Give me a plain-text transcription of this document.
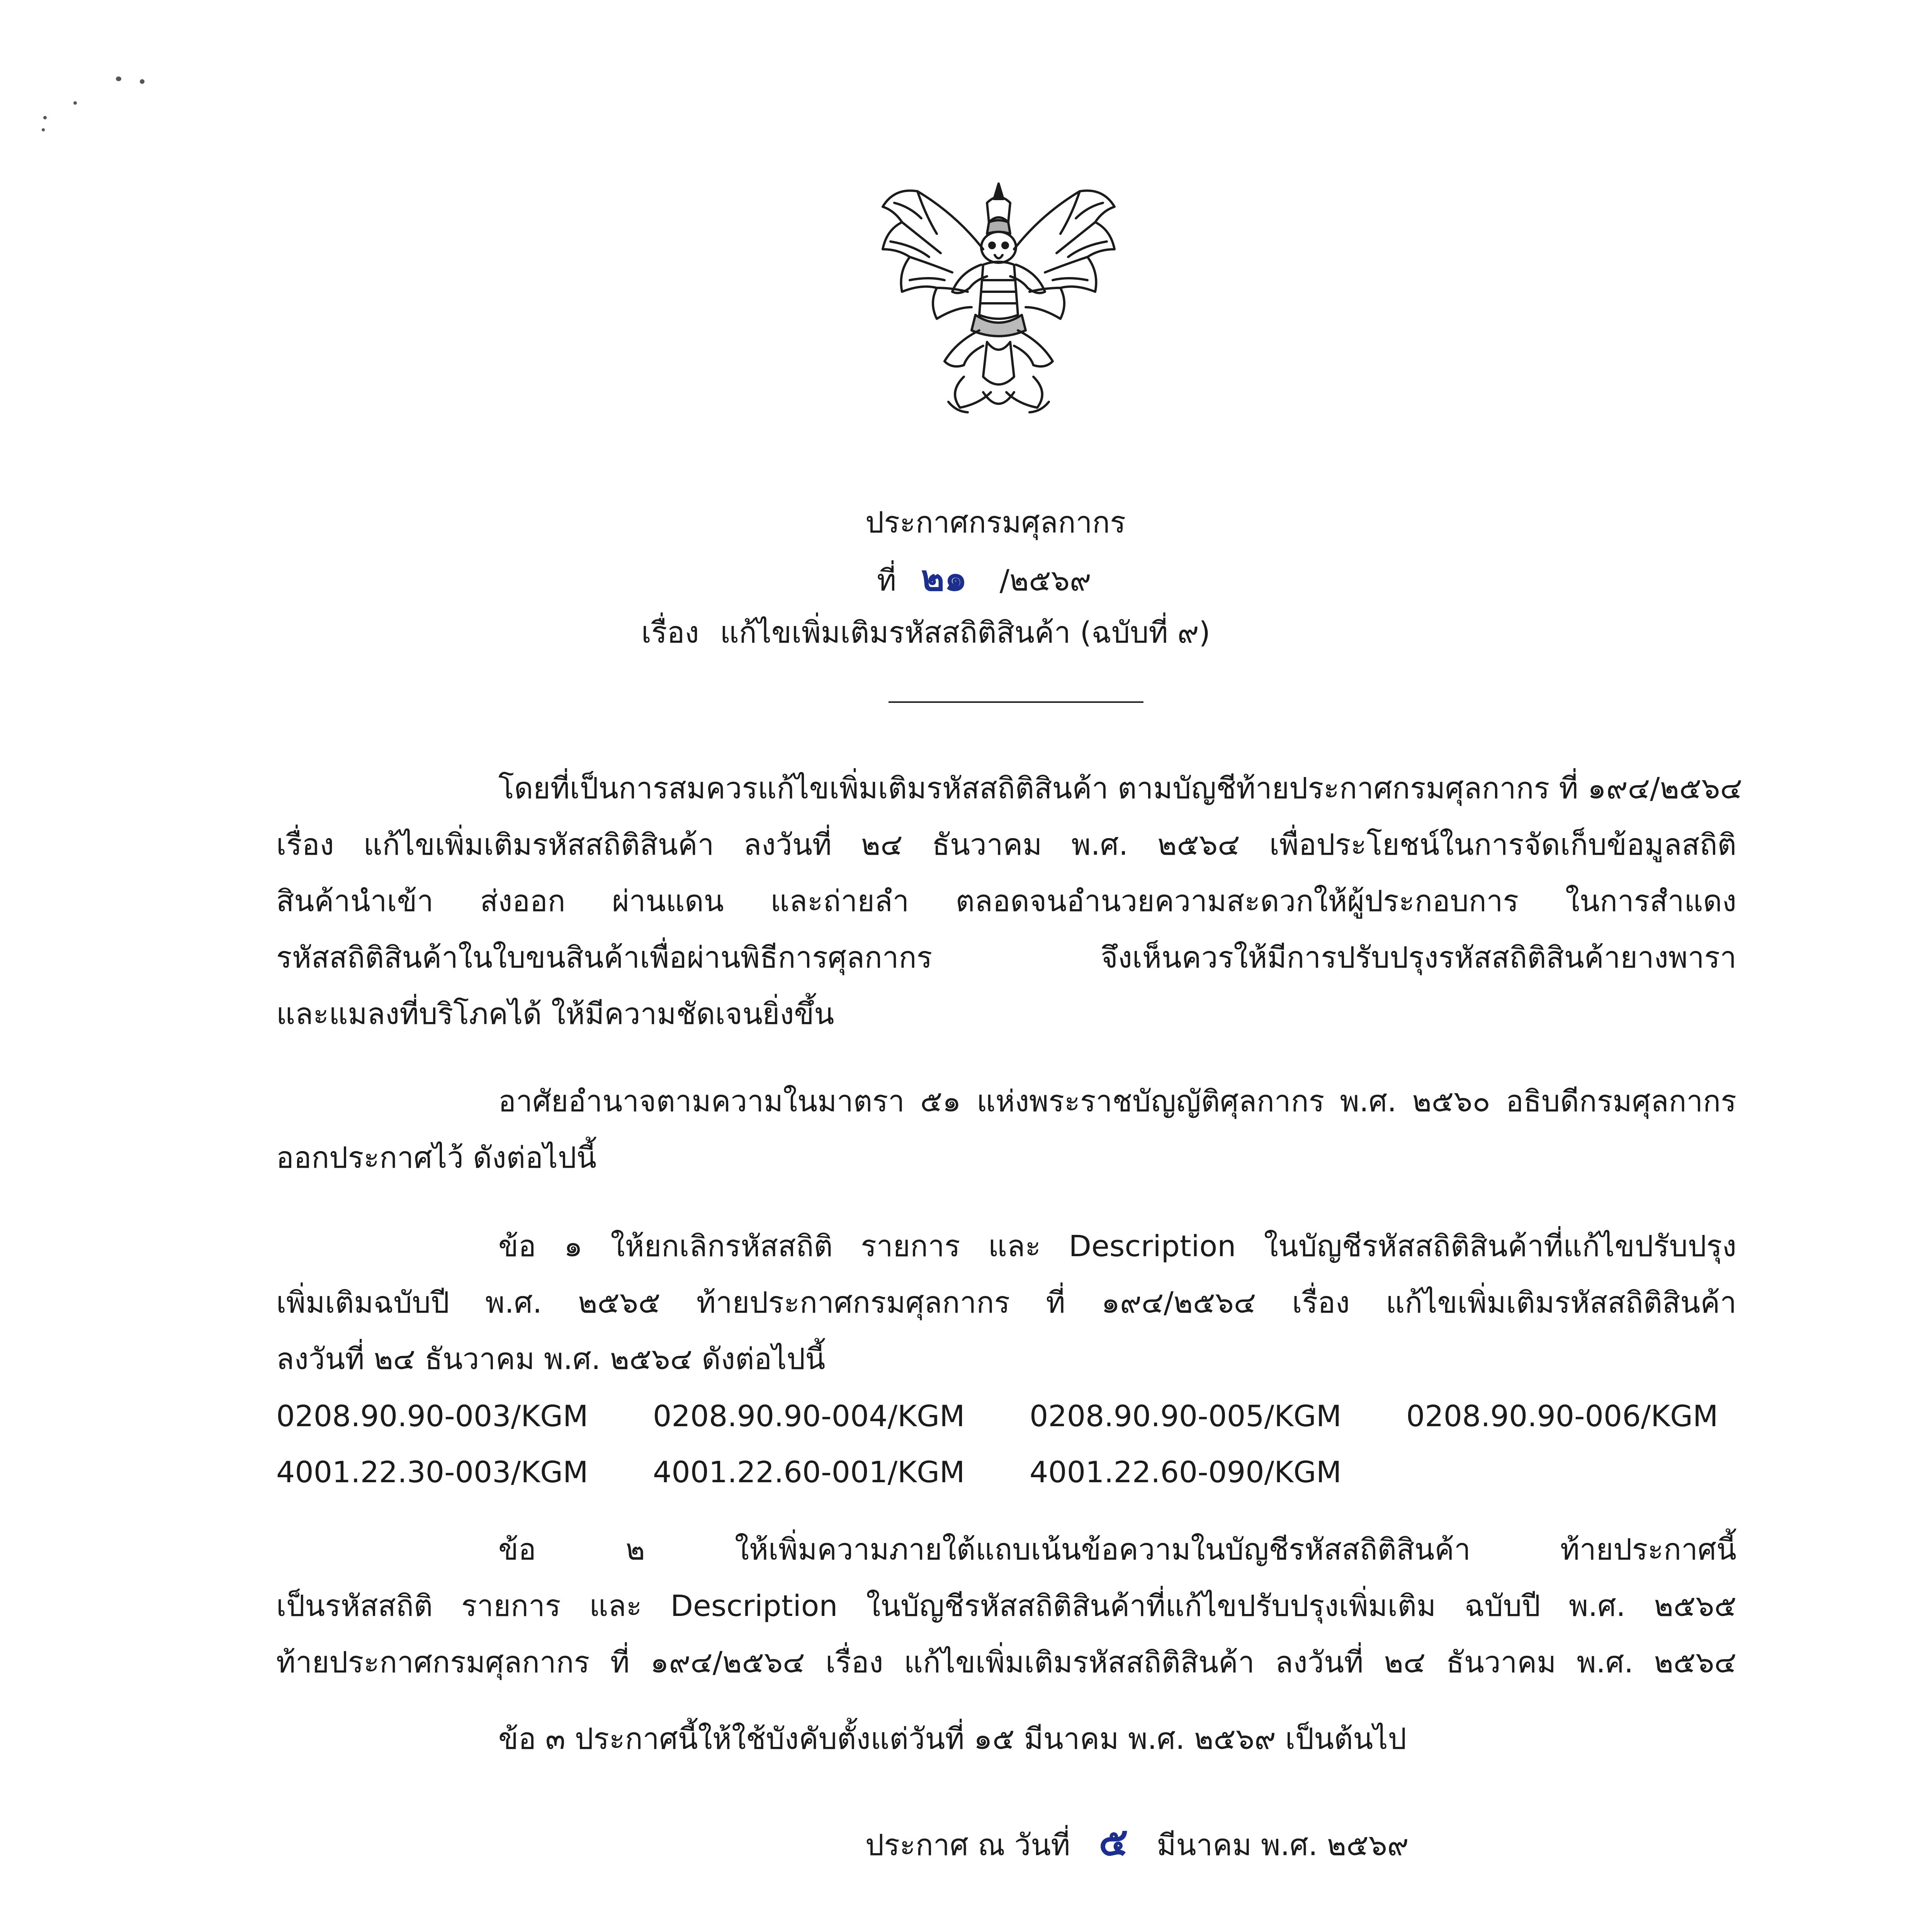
ประกาศกรมศุลกากร
ที่ ๒๑ /๒๕๖๙
เรื่อง แก้ไขเพิ่มเติมรหัสสถิติสินค้า (ฉบับที่ ๙)
โดยที่เป็นการสมควรแก้ไขเพิ่มเติมรหัสสถิติสินค้า ตามบัญชีท้ายประกาศกรมศุลกากร ที่ ๑๙๔/๒๕๖๔
เรื่อง แก้ไขเพิ่มเติมรหัสสถิติสินค้า ลงวันที่ ๒๔ ธันวาคม พ.ศ. ๒๕๖๔ เพื่อประโยชน์ในการจัดเก็บข้อมูลสถิติ
สินค้านำเข้า ส่งออก ผ่านแดน และถ่ายลำ ตลอดจนอำนวยความสะดวกให้ผู้ประกอบการ ในการสำแดง
รหัสสถิติสินค้าในใบขนสินค้าเพื่อผ่านพิธีการศุลกากร จึงเห็นควรให้มีการปรับปรุงรหัสสถิติสินค้ายางพารา
และแมลงที่บริโภคได้ ให้มีความชัดเจนยิ่งขึ้น
อาศัยอำนาจตามความในมาตรา ๕๑ แห่งพระราชบัญญัติศุลกากร พ.ศ. ๒๕๖๐ อธิบดีกรมศุลกากร
ออกประกาศไว้ ดังต่อไปนี้
ข้อ ๑ ให้ยกเลิกรหัสสถิติ รายการ และ Description ในบัญชีรหัสสถิติสินค้าที่แก้ไขปรับปรุง
เพิ่มเติมฉบับปี พ.ศ. ๒๕๖๕ ท้ายประกาศกรมศุลกากร ที่ ๑๙๔/๒๕๖๔ เรื่อง แก้ไขเพิ่มเติมรหัสสถิติสินค้า
ลงวันที่ ๒๔ ธันวาคม พ.ศ. ๒๕๖๔ ดังต่อไปนี้
0208.90.90-003/KGM 0208.90.90-004/KGM 0208.90.90-005/KGM 0208.90.90-006/KGM
4001.22.30-003/KGM 4001.22.60-001/KGM 4001.22.60-090/KGM
ข้อ ๒ ให้เพิ่มความภายใต้แถบเน้นข้อความในบัญชีรหัสสถิติสินค้า ท้ายประกาศนี้
เป็นรหัสสถิติ รายการ และ Description ในบัญชีรหัสสถิติสินค้าที่แก้ไขปรับปรุงเพิ่มเติม ฉบับปี พ.ศ. ๒๕๖๕
ท้ายประกาศกรมศุลกากร ที่ ๑๙๔/๒๕๖๔ เรื่อง แก้ไขเพิ่มเติมรหัสสถิติสินค้า ลงวันที่ ๒๔ ธันวาคม พ.ศ. ๒๕๖๔
ข้อ ๓ ประกาศนี้ให้ใช้บังคับตั้งแต่วันที่ ๑๕ มีนาคม พ.ศ. ๒๕๖๙ เป็นต้นไป
ประกาศ ณ วันที่ ๕ มีนาคม พ.ศ. ๒๕๖๙
